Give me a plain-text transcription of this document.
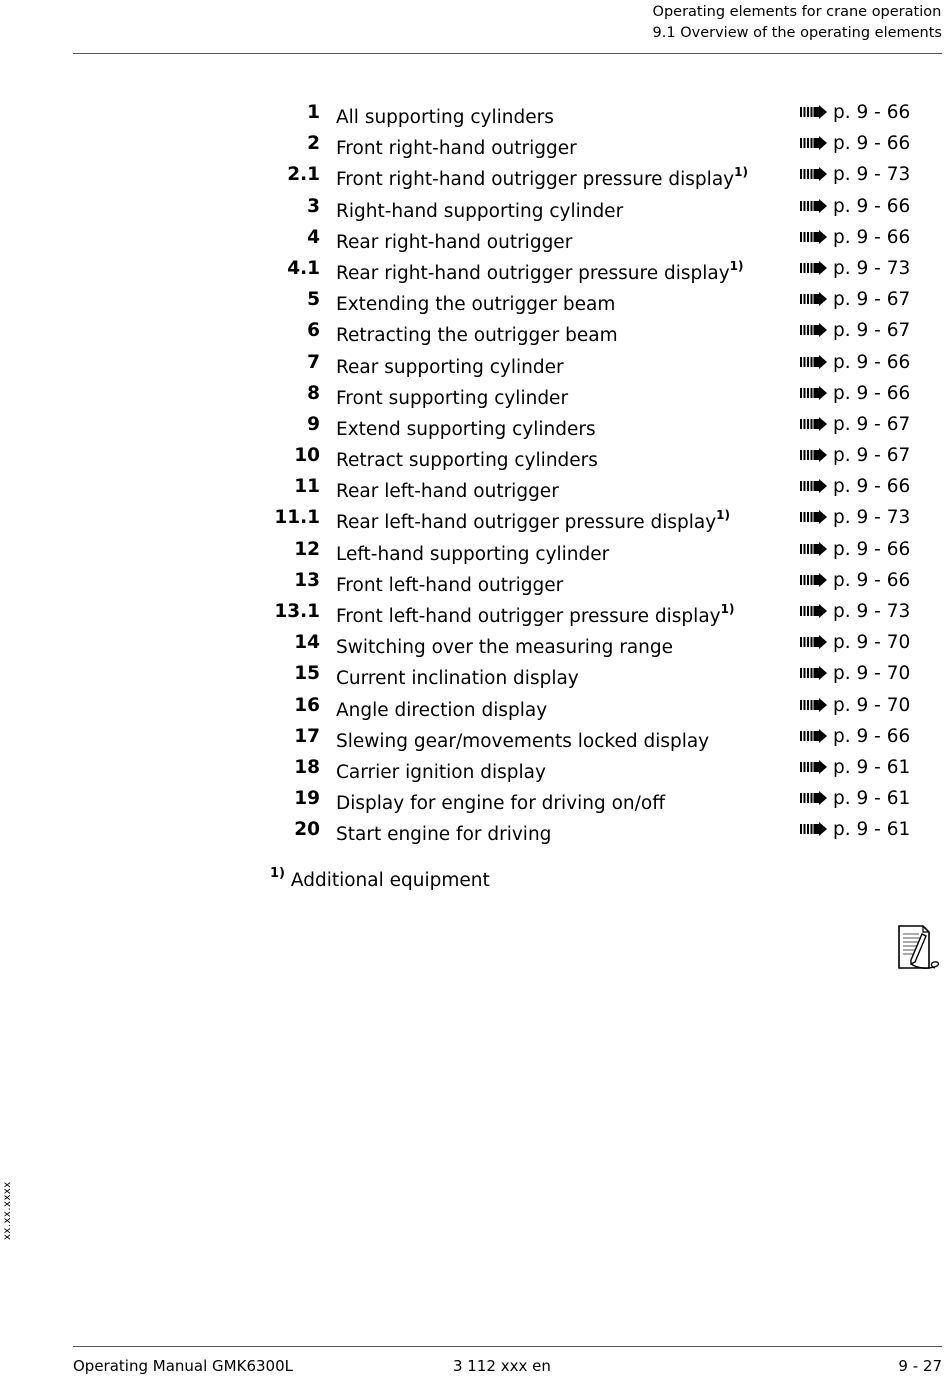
Operating elements for crane operation
9.1 Overview of the operating elements
1 All supporting cylinders	p. 9 - 66
2 Front right-hand outrigger	p. 9 - 66
2.1 Front right-hand outrigger pressure display$^{1)}$	p. 9 - 73
3 Right-hand supporting cylinder	p. 9 - 66
4 Rear right-hand outrigger	p. 9 - 66
4.1 Rear right-hand outrigger pressure display$^{1)}$	p. 9 - 73
5 Extending the outrigger beam	p. 9 - 67
6 Retracting the outrigger beam	p. 9 - 67
7 Rear supporting cylinder	p. 9 - 66
8 Front supporting cylinder	p. 9 - 66
9 Extend supporting cylinders	p. 9 - 67
10 Retract supporting cylinders	p. 9 - 67
11 Rear left-hand outrigger	p. 9 - 66
11.1 Rear left-hand outrigger pressure display$^{1)}$	p. 9 - 73
12 Left-hand supporting cylinder	p. 9 - 66
13 Front left-hand outrigger	p. 9 - 66
13.1 Front left-hand outrigger pressure display$^{1)}$	p. 9 - 73
14 Switching over the measuring range	p. 9 - 70
15 Current inclination display	p. 9 - 70
16 Angle direction display	p. 9 - 70
17 Slewing gear/movements locked display	p. 9 - 66
18 Carrier ignition display	p. 9 - 61
19 Display for engine for driving on/off	p. 9 - 61
20 Start engine for driving	p. 9 - 61
$^{1)}$ Additional equipment
xx.xx.xxxx
Operating Manual GMK6300L	3 112 xxx en	9 - 27
